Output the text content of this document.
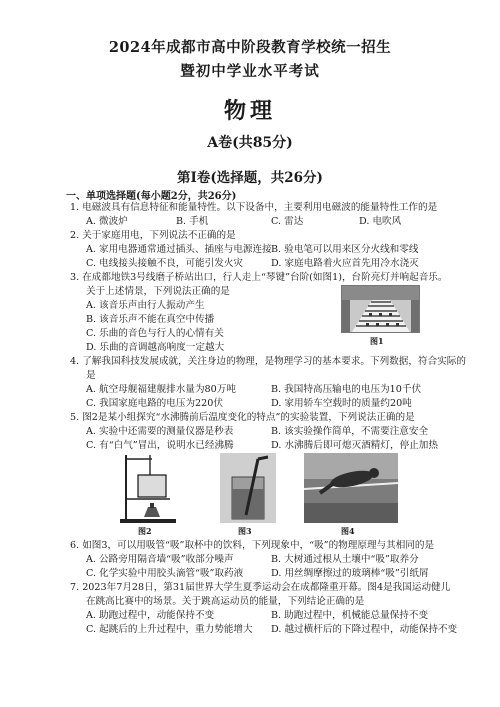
2024年成都市高中阶段教育学校统一招生
暨初中学业水平考试
物理
A卷(共85分)
第Ⅰ卷(选择题，共26分)
一、单项选择题(每小题2分，共26分)
1. 电磁波具有信息特征和能量特性。以下设备中，主要利用电磁波的能量特性工作的是
A. 微波炉	B. 手机	C. 雷达	D. 电吹风
2. 关于家庭用电，下列说法不正确的是
A. 家用电器通常通过插头、插座与电源连接 B. 验电笔可以用来区分火线和零线
C. 电线接头接触不良，可能引发火灾	D. 家庭电路着火应首先用冷水浇灭
3. 在成都地铁3号线磨子桥站出口，行人走上“琴键”台阶(如图1)，台阶亮灯并响起音乐。
关于上述情景，下列说法正确的是
A. 该音乐声由行人振动产生
B. 该音乐声不能在真空中传播
C. 乐曲的音色与行人的心情有关
D. 乐曲的音调越高响度一定越大
图1
4. 了解我国科技发展成就，关注身边的物理，是物理学习的基本要求。下列数据，符合实际的
是
A. 航空母舰福建舰排水量为80万吨	B. 我国特高压输电的电压为10千伏
C. 我国家庭电路的电压为220伏	D. 家用轿车空载时的质量约20吨
5. 图2是某小组探究“水沸腾前后温度变化的特点”的实验装置，下列说法正确的是
A. 实验中还需要的测量仪器是秒表	B. 该实验操作简单，不需要注意安全
C. 有“白气”冒出，说明水已经沸腾	D. 水沸腾后即可熄灭酒精灯，停止加热
图2	图3	图4
6. 如图3，可以用吸管“吸”取杯中的饮料，下列现象中，“吸”的物理原理与其相同的是
A. 公路旁用隔音墙“吸”收部分噪声	B. 大树通过根从土壤中“吸”取养分
C. 化学实验中用胶头滴管“吸”取药液	D. 用丝绸摩擦过的玻璃棒“吸”引纸屑
7. 2023年7月28日，第31届世界大学生夏季运动会在成都隆重开幕。图4是我国运动健儿
在跳高比赛中的场景。关于跳高运动员的能量，下列结论正确的是
A. 助跑过程中，动能保持不变	B. 助跑过程中，机械能总量保持不变
C. 起跳后的上升过程中，重力势能增大 D. 越过横杆后的下降过程中，动能保持不变
